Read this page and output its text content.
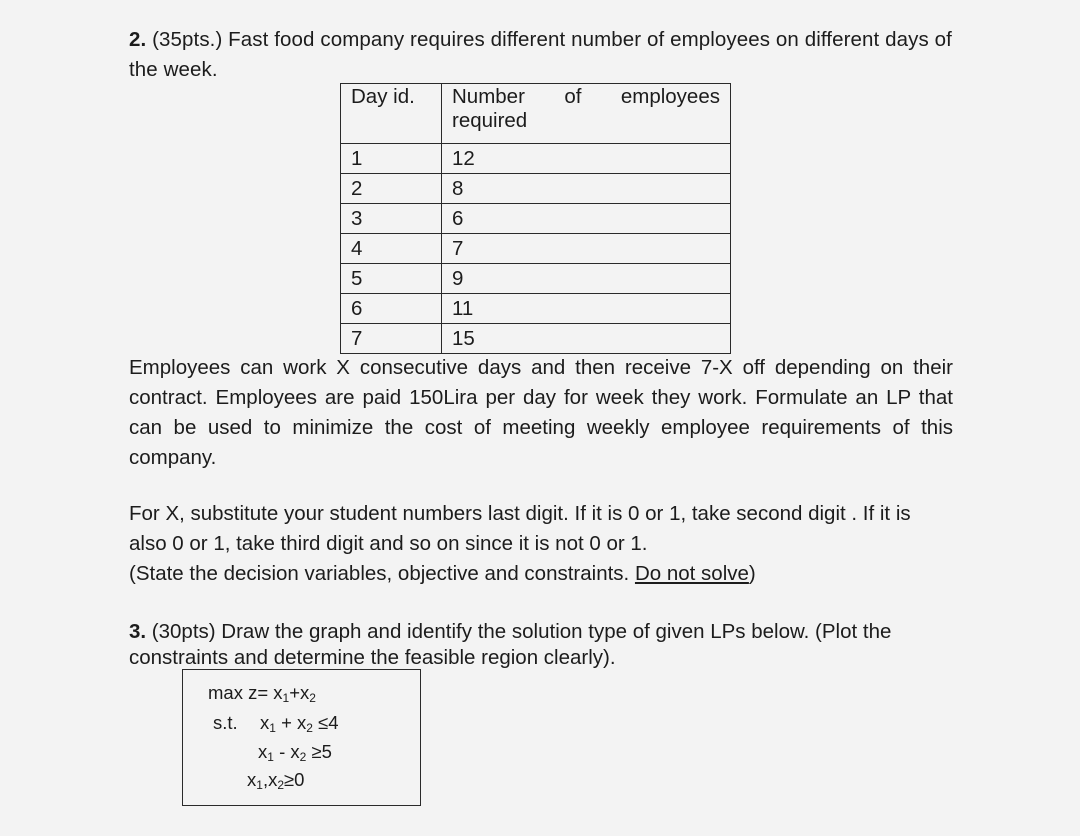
2. (35pts.) Fast food company requires different number of employees on different days of the week.
Day id.	Number of employees
required

1	12
2	8
3	6
4	7
5	9
6	11
7	15
Employees can work X consecutive days and then receive 7-X off depending on their contract. Employees are paid 150Lira per day for week they work. Formulate an LP that can be used to minimize the cost of meeting weekly employee requirements of this company.
For X, substitute your student numbers last digit. If it is 0 or 1, take second digit . If it is also 0 or 1, take third digit and so on since it is not 0 or 1.
(State the decision variables, objective and constraints. Do not solve)
3. (30pts) Draw the graph and identify the solution type of given LPs below. (Plot the constraints and determine the feasible region clearly).
$\max z= x_1+x_2$
s.t. $x_1 + x_2 \le 4$
$x_1 - x_2 \ge 5$
$x_1,x_2\ge 0$
